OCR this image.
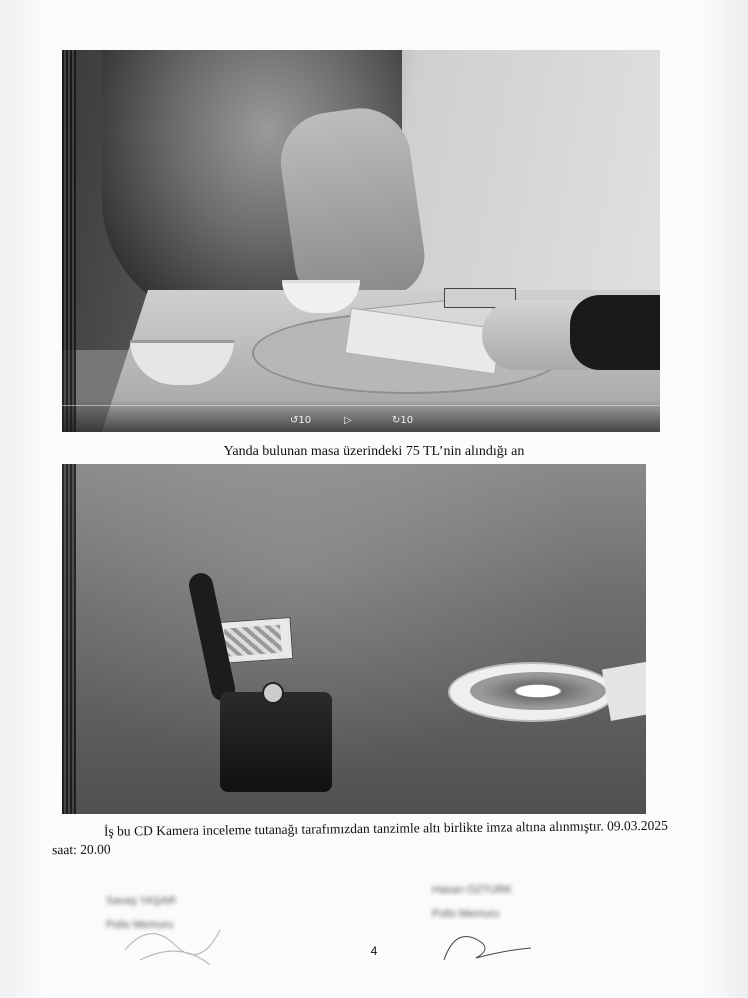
↺10	▷	↻10
Yanda bulunan masa üzerindeki 75 TL’nin alındığı an
İş bu CD Kamera inceleme tutanağı tarafımızdan tanzimle altı birlikte imza altına alınmıştır. 09.03.2025 saat: 20.00
Savaş YAŞAR
Polis Memuru
Hasan ÖZTÜRK
Polis Memuru
4
